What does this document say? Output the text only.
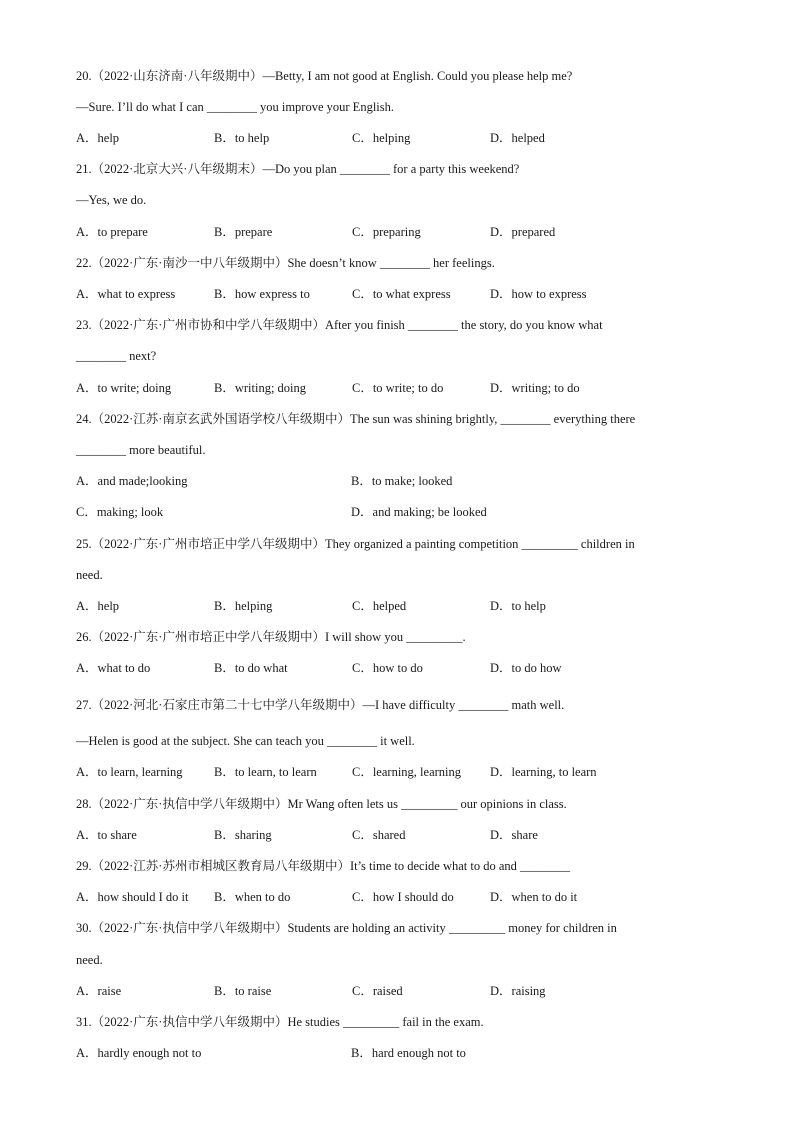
20.（2022·山东济南·八年级期中）—Betty, I am not good at English. Could you please help me?
—Sure. I’ll do what I can ________ you improve your English.
A．help	B．to help	C．helping	D．helped
21.（2022·北京大兴·八年级期末）—Do you plan ________ for a party this weekend?
—Yes, we do.
A．to prepare	B．prepare	C．preparing	D．prepared
22.（2022·广东·南沙一中八年级期中）She doesn’t know ________ her feelings.
A．what to express	B．how express to	C．to what express	D．how to express
23.（2022·广东·广州市协和中学八年级期中）After you finish ________ the story, do you know what
________ next?
A．to write; doing	B．writing; doing	C．to write; to do	D．writing; to do
24.（2022·江苏·南京玄武外国语学校八年级期中）The sun was shining brightly, ________ everything there
________ more beautiful.
A．and made;looking	B．to make; looked
C．making; look	D．and making; be looked
25.（2022·广东·广州市培正中学八年级期中）They organized a painting competition _________ children in
need.
A．help	B．helping	C．helped	D．to help
26.（2022·广东·广州市培正中学八年级期中）I will show you _________.
A．what to do	B．to do what	C．how to do	D．to do how
27.（2022·河北·石家庄市第二十七中学八年级期中）—I have difficulty ________ math well.
—Helen is good at the subject. She can teach you ________ it well.
A．to learn, learning	B．to learn, to learn	C．learning, learning D．learning, to learn
28.（2022·广东·执信中学八年级期中）Mr Wang often lets us _________ our opinions in class.
A．to share	B．sharing	C．shared	D．share
29.（2022·江苏·苏州市相城区教育局八年级期中）It’s time to decide what to do and ________
A．how should I do it B．when to do	C．how I should do	D．when to do it
30.（2022·广东·执信中学八年级期中）Students are holding an activity _________ money for children in
need.
A．raise	B．to raise	C．raised	D．raising
31.（2022·广东·执信中学八年级期中）He studies _________ fail in the exam.
A．hardly enough not to	B．hard enough not to
